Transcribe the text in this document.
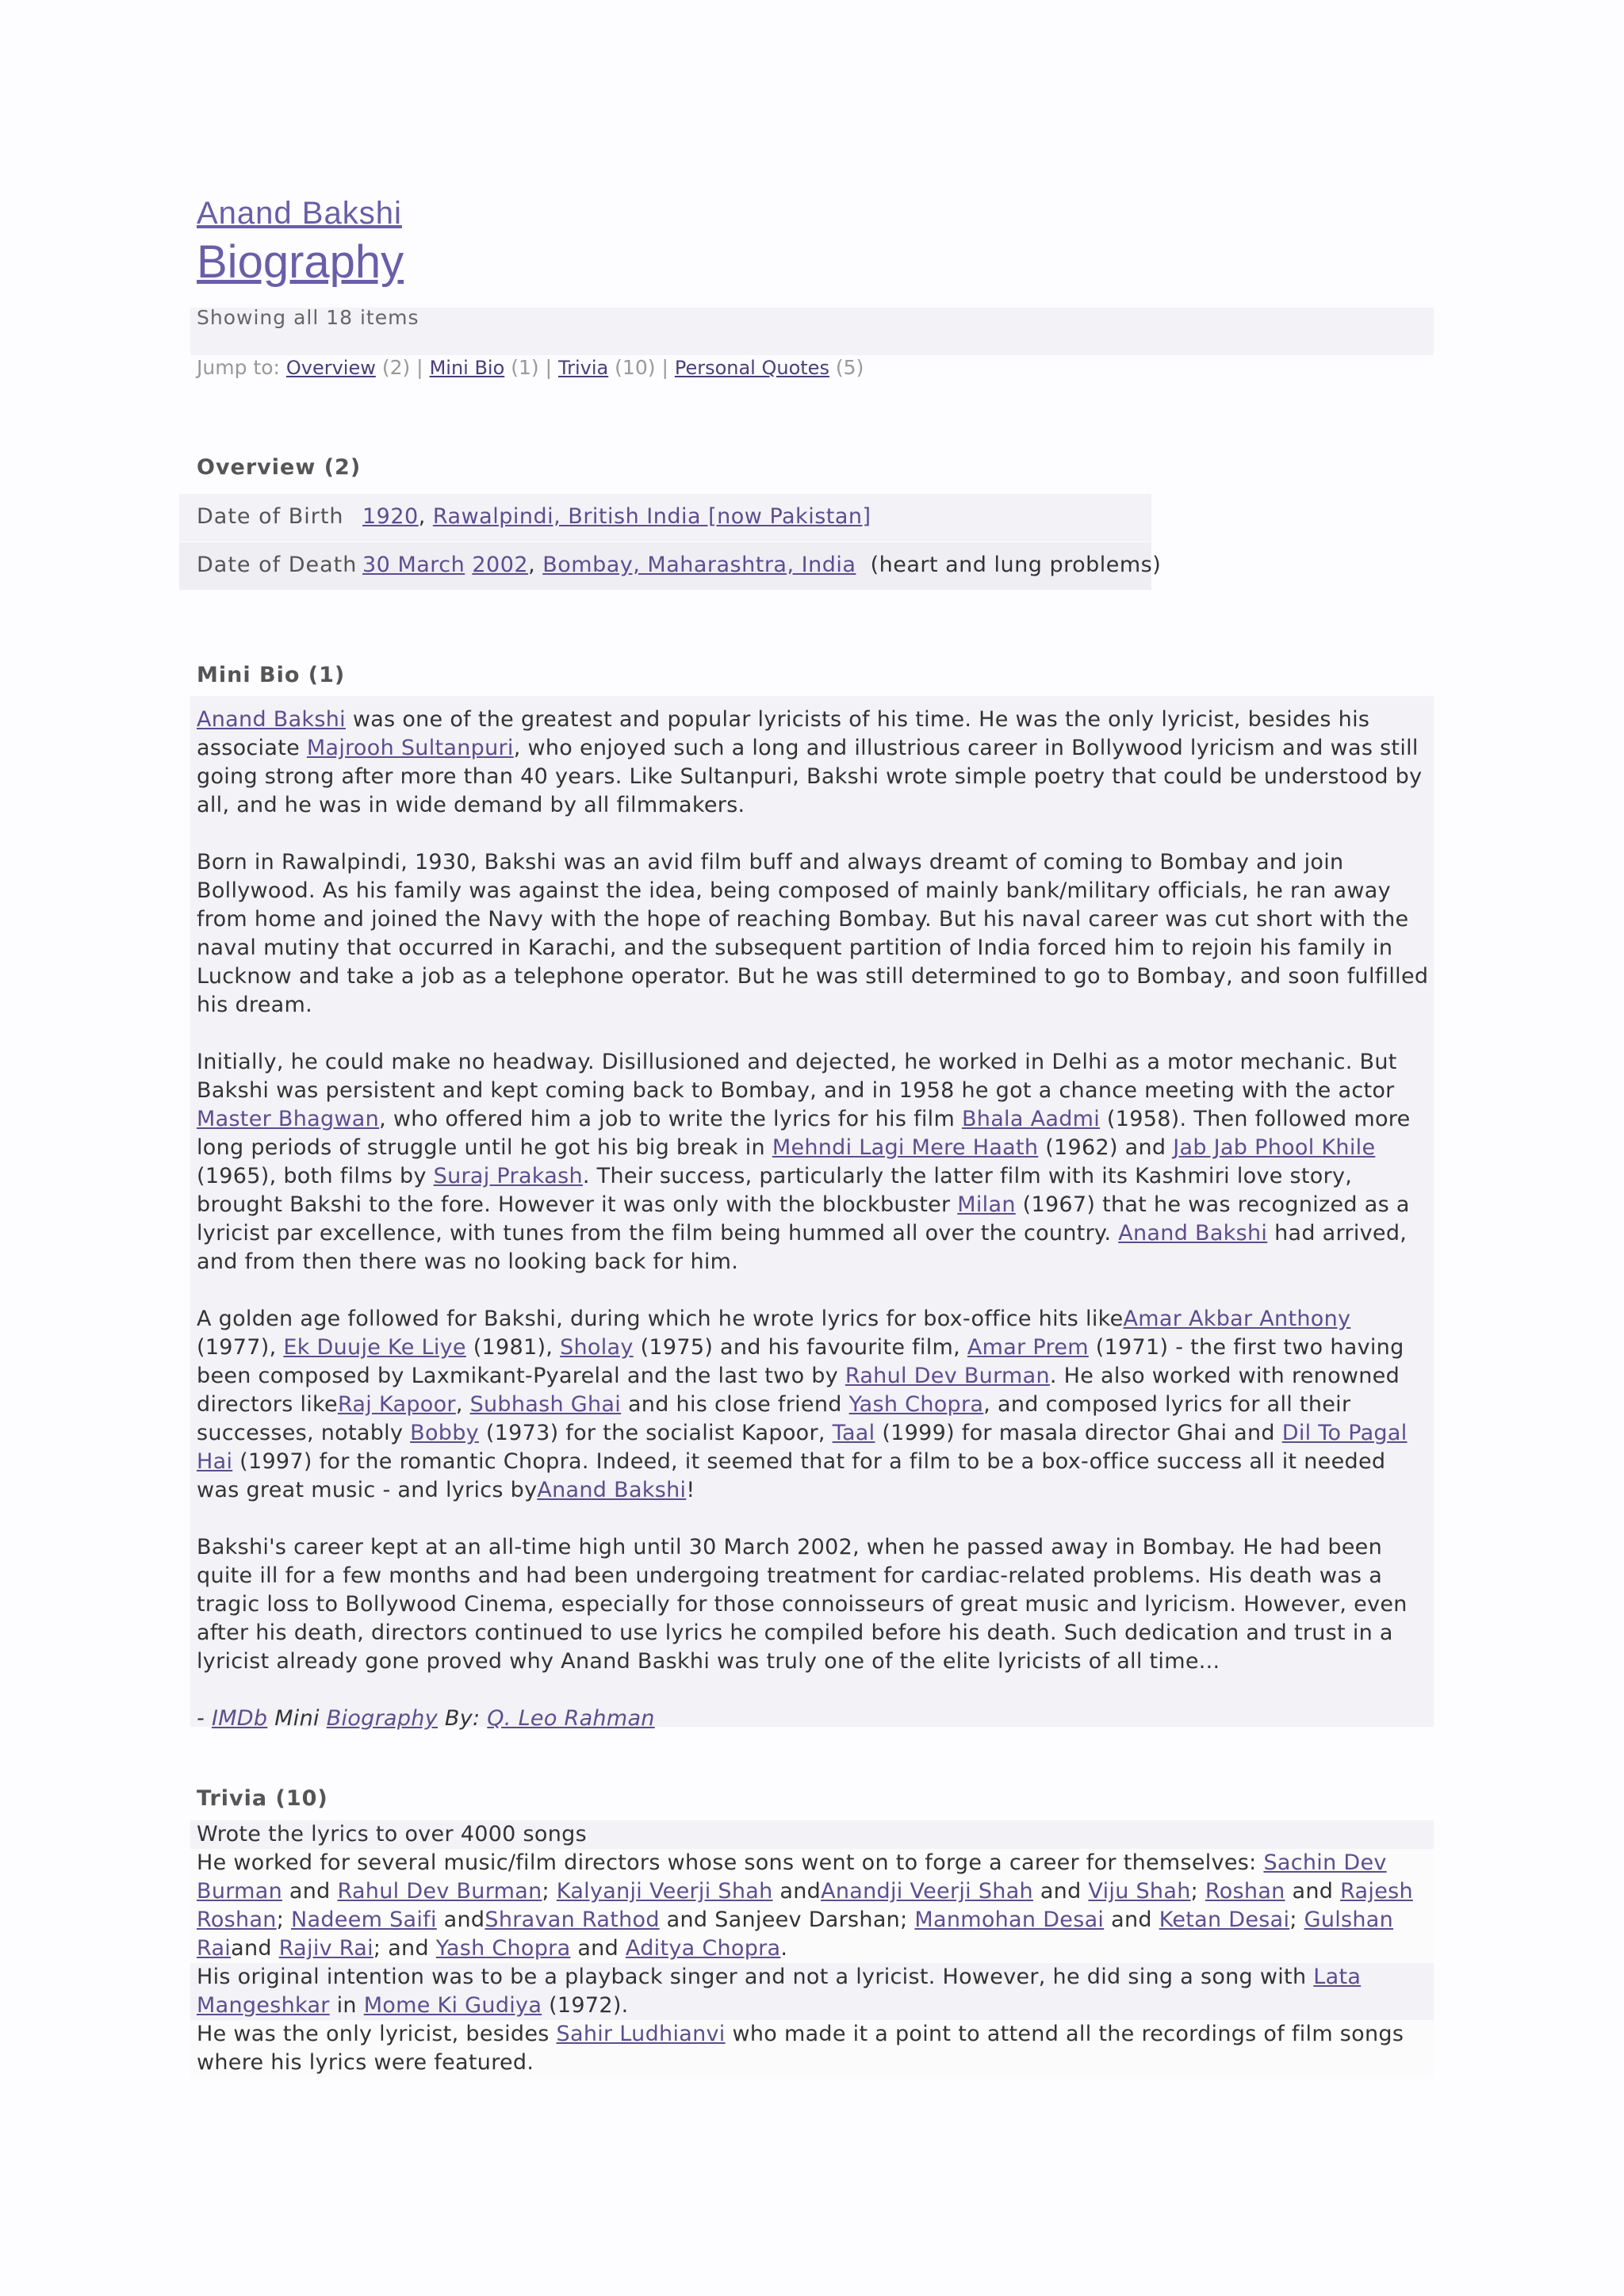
Anand Bakshi
Biography
Showing all 18 items
Jump to: Overview (2) | Mini Bio (1) | Trivia (10) | Personal Quotes (5)
Overview (2)
Date of Birth 1920, Rawalpindi, British India [now Pakistan]
Date of Death 30 March 2002, Bombay, Maharashtra, India (heart and lung problems)
Mini Bio (1)

Anand Bakshi was one of the greatest and popular lyricists of his time. He was the only lyricist, besides his associate Majrooh Sultanpuri, who enjoyed such a long and illustrious career in Bollywood lyricism and was still going strong after more than 40 years. Like Sultanpuri, Bakshi wrote simple poetry that could be understood by all, and he was in wide demand by all filmmakers.

Born in Rawalpindi, 1930, Bakshi was an avid film buff and always dreamt of coming to Bombay and join Bollywood. As his family was against the idea, being composed of mainly bank/military officials, he ran away from home and joined the Navy with the hope of reaching Bombay. But his naval career was cut short with the naval mutiny that occurred in Karachi, and the subsequent partition of India forced him to rejoin his family in Lucknow and take a job as a telephone operator. But he was still determined to go to Bombay, and soon fulfilled his dream.

Initially, he could make no headway. Disillusioned and dejected, he worked in Delhi as a motor mechanic. But Bakshi was persistent and kept coming back to Bombay, and in 1958 he got a chance meeting with the actor Master Bhagwan, who offered him a job to write the lyrics for his film Bhala Aadmi (1958). Then followed more long periods of struggle until he got his big break in Mehndi Lagi Mere Haath (1962) and Jab Jab Phool Khile (1965), both films by Suraj Prakash. Their success, particularly the latter film with its Kashmiri love story, brought Bakshi to the fore. However it was only with the blockbuster Milan (1967) that he was recognized as a lyricist par excellence, with tunes from the film being hummed all over the country. Anand Bakshi had arrived, and from then there was no looking back for him.

A golden age followed for Bakshi, during which he wrote lyrics for box-office hits likeAmar Akbar Anthony (1977), Ek Duuje Ke Liye (1981), Sholay (1975) and his favourite film, Amar Prem (1971) - the first two having been composed by Laxmikant-Pyarelal and the last two by Rahul Dev Burman. He also worked with renowned directors likeRaj Kapoor, Subhash Ghai and his close friend Yash Chopra, and composed lyrics for all their successes, notably Bobby (1973) for the socialist Kapoor, Taal (1999) for masala director Ghai and Dil To Pagal Hai (1997) for the romantic Chopra. Indeed, it seemed that for a film to be a box-office success all it needed was great music - and lyrics byAnand Bakshi!

Bakshi's career kept at an all-time high until 30 March 2002, when he passed away in Bombay. He had been quite ill for a few months and had been undergoing treatment for cardiac-related problems. His death was a tragic loss to Bollywood Cinema, especially for those connoisseurs of great music and lyricism. However, even after his death, directors continued to use lyrics he compiled before his death. Such dedication and trust in a lyricist already gone proved why Anand Baskhi was truly one of the elite lyricists of all time...

- IMDb Mini Biography By: Q. Leo Rahman

Trivia (10)
Wrote the lyrics to over 4000 songs
He worked for several music/film directors whose sons went on to forge a career for themselves: Sachin Dev Burman and Rahul Dev Burman; Kalyanji Veerji Shah andAnandji Veerji Shah and Viju Shah; Roshan and Rajesh Roshan; Nadeem Saifi andShravan Rathod and Sanjeev Darshan; Manmohan Desai and Ketan Desai; Gulshan Raiand Rajiv Rai; and Yash Chopra and Aditya Chopra.
His original intention was to be a playback singer and not a lyricist. However, he did sing a song with Lata Mangeshkar in Mome Ki Gudiya (1972).
He was the only lyricist, besides Sahir Ludhianvi who made it a point to attend all the recordings of film songs where his lyrics were featured.
